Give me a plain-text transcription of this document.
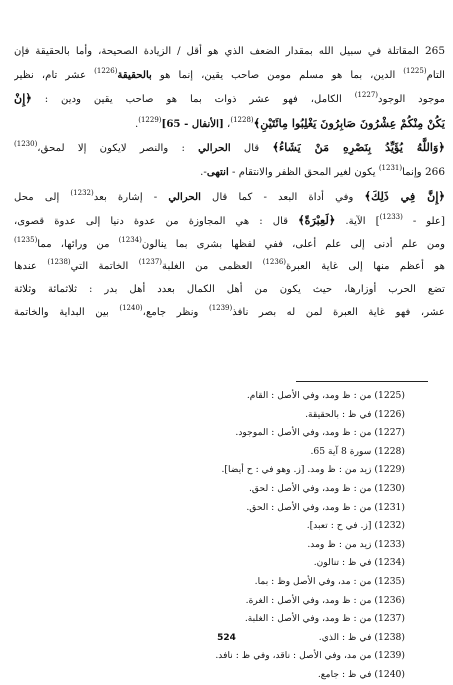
265 المقاتلة في سبيل الله بمقدار الضعف الذي هو أقل / الزيادة الصحيحة، وأما بالحقيقة فإن
التام$^{(1225)}$ الدين، بما هو مسلم مومن صاحب يقين، إنما هو بالحقيقة$^{(1226)}$ عشر تام، نظير
موجود الوجود$^{(1227)}$ الكامل، فهو عشر ذوات بما هو صاحب يقين ودين : ﴿إِنْ
يَكُنْ مِنْكُمْ عِشْرُونَ صَابِرُونَ يَغْلِبُوا مِائَتَيْنِ﴾$^{(1228)}$، [الأنفال - 65]$^{(1229)}$.
﴿وَاللَّهُ يُؤَيِّدُ بِنَصْرِهِ مَنْ يَشَاءُ﴾ قال الحرالي : والنصر لايكون إلا لمحق،$^{(1230)}$
266 وإنما$^{(1231)}$ يكون لغير المحق الظفر والانتقام - انتهى-.
﴿إِنَّ فِي ذَلِكَ﴾ وفي أداة البعد - كما قال الحرالي - إشارة بعد$^{(1232)}$ إلى محل
[علو - $^{(1233)}$] الآية. ﴿لَعِبْرَةً﴾ قال : هي المجاوزة من عدوة دنيا إلى عدوة قصوى،
ومن علم أدنى إلى علم أعلى، ففي لفظها بشرى بما ينالون$^{(1234)}$ من ورائها، مما$^{(1235)}$
هو أعظم منها إلى غاية العبرة$^{(1236)}$ العظمى من الغلبة$^{(1237)}$ الخاتمة التي$^{(1238)}$ عندها
تضع الحرب أوزارها، حيث يكون من أهل الكمال بعدد أهل بدر : ثلاثمائة وثلاثة
عشر، فهو غاية العبرة لمن له بصر نافذ$^{(1239)}$ ونظر جامع،$^{(1240)}$ بين البداية والخاتمة
(1225) من : ظ ومد، وفي الأصل : القام.
(1226) في ظ : بالحقيقة.
(1227) من : ظ ومد، وفي الأصل : الموجود.
(1228) سورة 8 آية 65.
(1229) زيد من : ظ ومد. [ز. وهو في : ح أيضا].
(1230) من : ظ ومد، وفي الأصل : لحق.
(1231) من : ظ ومد، وفي الأصل : الحق.
(1232) [ز. في ح : تعبد].
(1233) زيد من : ظ ومد.
(1234) في ظ : تنالون.
(1235) من : مد، وفي الأصل وظ : بما.
(1236) من : ظ ومد، وفي الأصل : الغرة.
(1237) من : ظ ومد، وفي الأصل : الغلبة.
(1238) في ظ : الذي.
(1239) من مد، وفي الأصل : ناقد، وفي ظ : نافد.
(1240) في ظ : جامع.
524
